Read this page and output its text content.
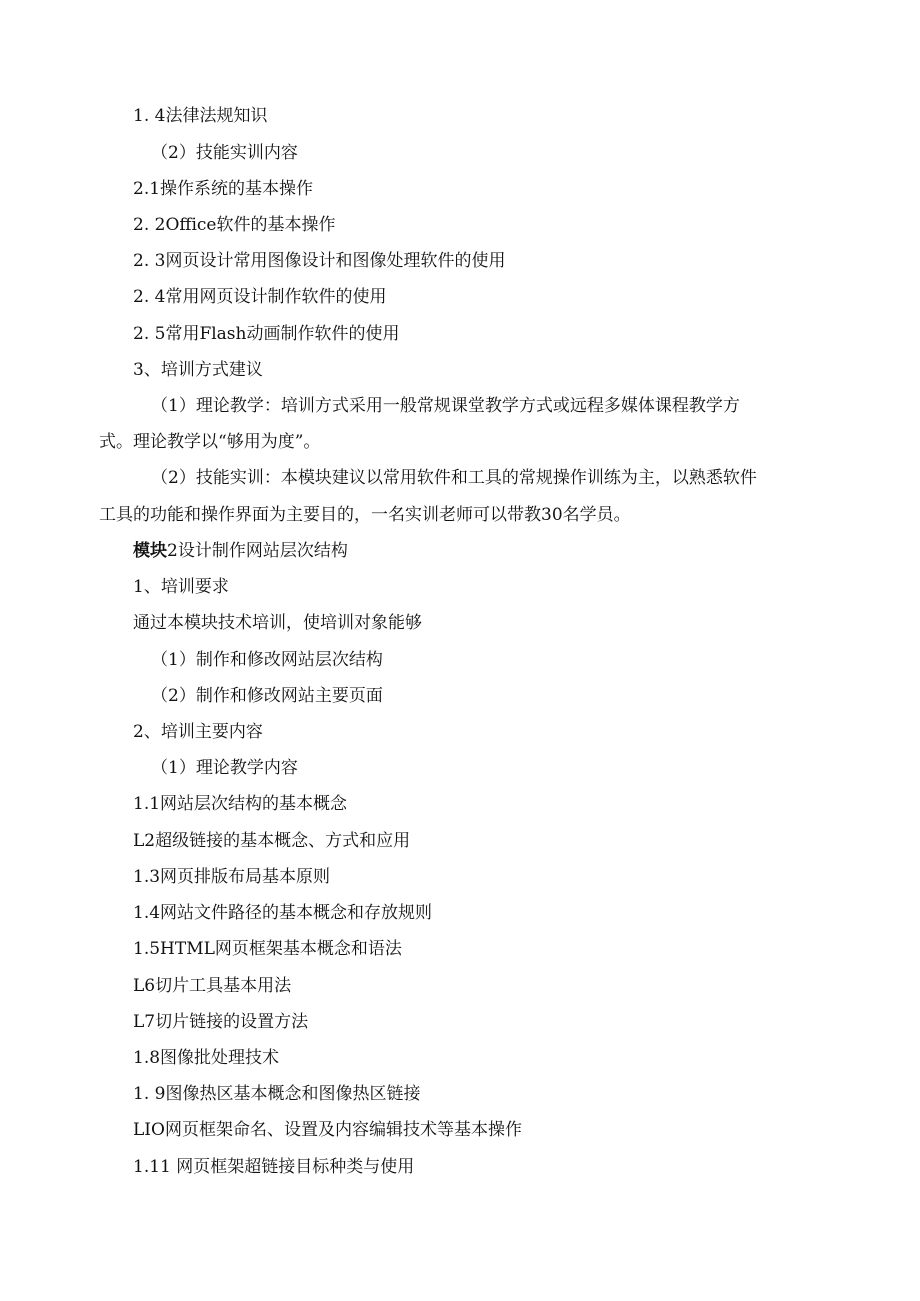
1. 4法律法规知识
（2）技能实训内容
2.1操作系统的基本操作
2. 2Office软件的基本操作
2. 3网页设计常用图像设计和图像处理软件的使用
2. 4常用网页设计制作软件的使用
2. 5常用Flash动画制作软件的使用
3、培训方式建议
（1）理论教学：培训方式采用一般常规课堂教学方式或远程多媒体课程教学方
式。理论教学以“够用为度”。
（2）技能实训：本模块建议以常用软件和工具的常规操作训练为主，以熟悉软件
工具的功能和操作界面为主要目的，一名实训老师可以带教30名学员。
模块2设计制作网站层次结构
1、培训要求
通过本模块技术培训，使培训对象能够
（1）制作和修改网站层次结构
（2）制作和修改网站主要页面
2、培训主要内容
（1）理论教学内容
1.1网站层次结构的基本概念
L2超级链接的基本概念、方式和应用
1.3网页排版布局基本原则
1.4网站文件路径的基本概念和存放规则
1.5HTML网页框架基本概念和语法
L6切片工具基本用法
L7切片链接的设置方法
1.8图像批处理技术
1. 9图像热区基本概念和图像热区链接
LIO网页框架命名、设置及内容编辑技术等基本操作
1.11 网页框架超链接目标种类与使用
